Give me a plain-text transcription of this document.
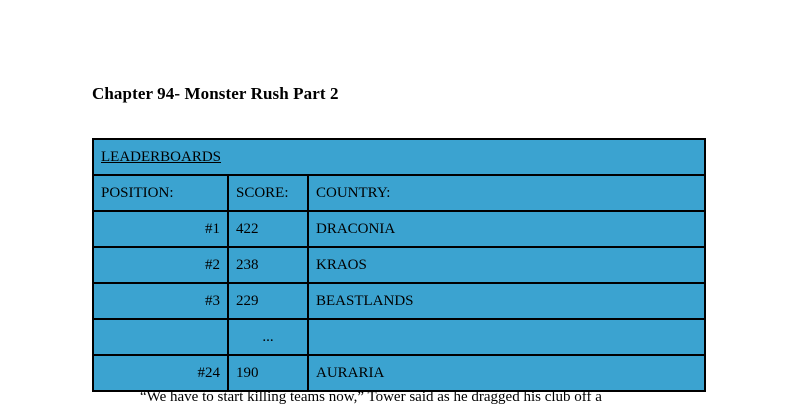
Chapter 94- Monster Rush Part 2
LEADERBOARDS		
POSITION:	SCORE:	COUNTRY:
#1	422	DRACONIA
#2	238	KRAOS
#3	229	BEASTLANDS
	...	
#24	190	AURARIA
“We have to start killing teams now,” Tower said as he dragged his club off a
